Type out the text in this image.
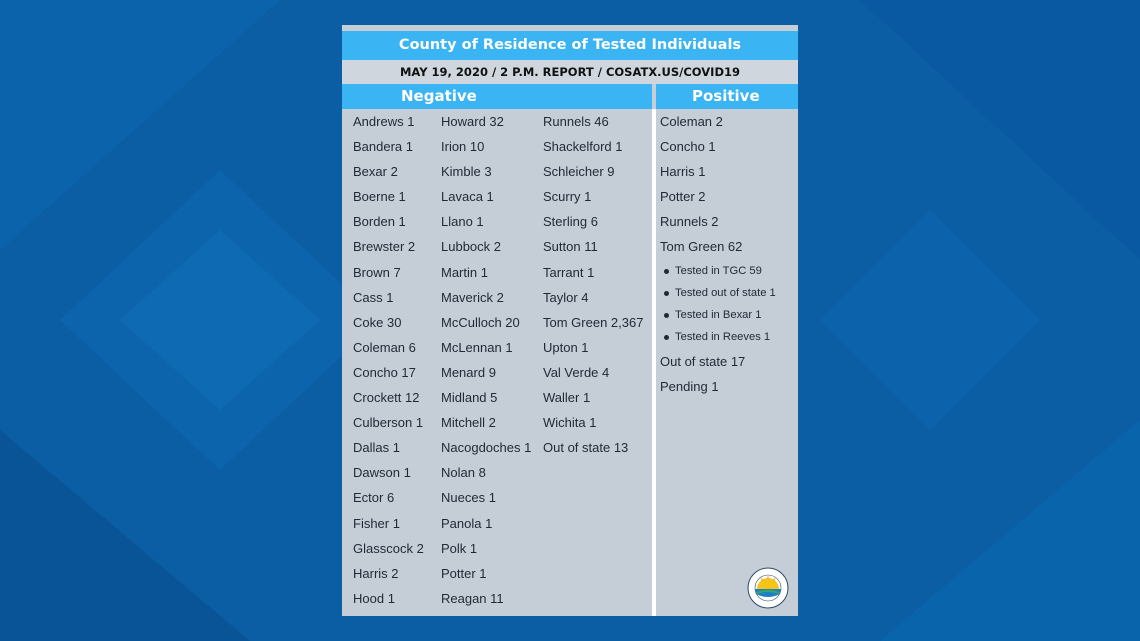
County of Residence of Tested Individuals
MAY 19, 2020 / 2 P.M. REPORT / COSATX.US/COVID19
Negative	Positive
Andrews 1
Bandera 1
Bexar 2
Boerne 1
Borden 1
Brewster 2
Brown 7
Cass 1
Coke 30
Coleman 6
Concho 17
Crockett 12
Culberson 1
Dallas 1
Dawson 1
Ector 6
Fisher 1
Glasscock 2
Harris 2
Hood 1
Howard 32
Irion 10
Kimble 3
Lavaca 1
Llano 1
Lubbock 2
Martin 1
Maverick 2
McCulloch 20
McLennan 1
Menard 9
Midland 5
Mitchell 2
Nacogdoches 1
Nolan 8
Nueces 1
Panola 1
Polk 1
Potter 1
Reagan 11
Runnels 46
Shackelford 1
Schleicher 9
Scurry 1
Sterling 6
Sutton 11
Tarrant 1
Taylor 4
Tom Green 2,367
Upton 1
Val Verde 4
Waller 1
Wichita 1
Out of state 13
Coleman 2
Concho 1
Harris 1
Potter 2
Runnels 2
Tom Green 62
Tested in TGC 59
Tested out of state 1
Tested in Bexar 1
Tested in Reeves 1
Out of state 17
Pending 1
